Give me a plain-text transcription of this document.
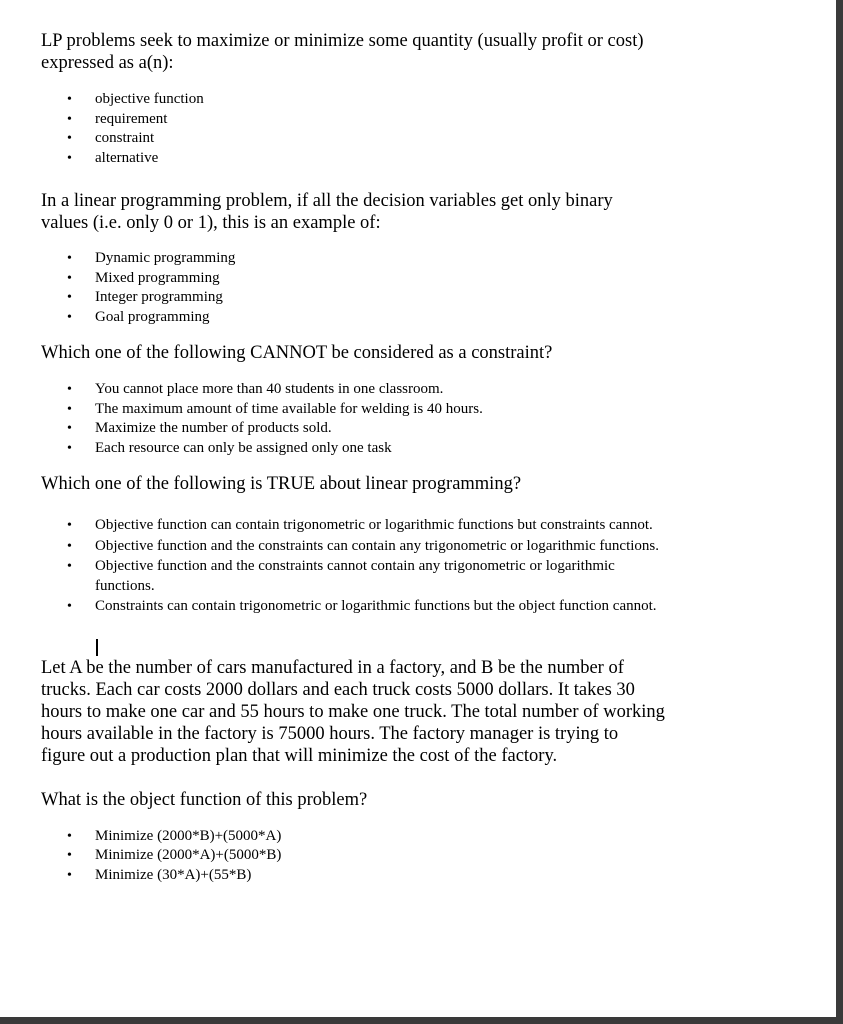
LP problems seek to maximize or minimize some quantity (usually profit or cost) expressed as a(n):

• objective function
• requirement
• constraint
• alternative

In a linear programming problem, if all the decision variables get only binary values (i.e. only 0 or 1), this is an example of:

• Dynamic programming
• Mixed programming
• Integer programming
• Goal programming

Which one of the following CANNOT be considered as a constraint?

• You cannot place more than 40 students in one classroom.
• The maximum amount of time available for welding is 40 hours.
• Maximize the number of products sold.
• Each resource can only be assigned only one task

Which one of the following is TRUE about linear programming?

• Objective function can contain trigonometric or logarithmic functions but constraints cannot.
• Objective function and the constraints can contain any trigonometric or logarithmic functions.
• Objective function and the constraints cannot contain any trigonometric or logarithmic functions.
• Constraints can contain trigonometric or logarithmic functions but the object function cannot.

Let A be the number of cars manufactured in a factory, and B be the number of trucks. Each car costs 2000 dollars and each truck costs 5000 dollars. It takes 30 hours to make one car and 55 hours to make one truck. The total number of working hours available in the factory is 75000 hours. The factory manager is trying to figure out a production plan that will minimize the cost of the factory.

What is the object function of this problem?

• Minimize (2000*B)+(5000*A)
• Minimize (2000*A)+(5000*B)
• Minimize (30*A)+(55*B)
